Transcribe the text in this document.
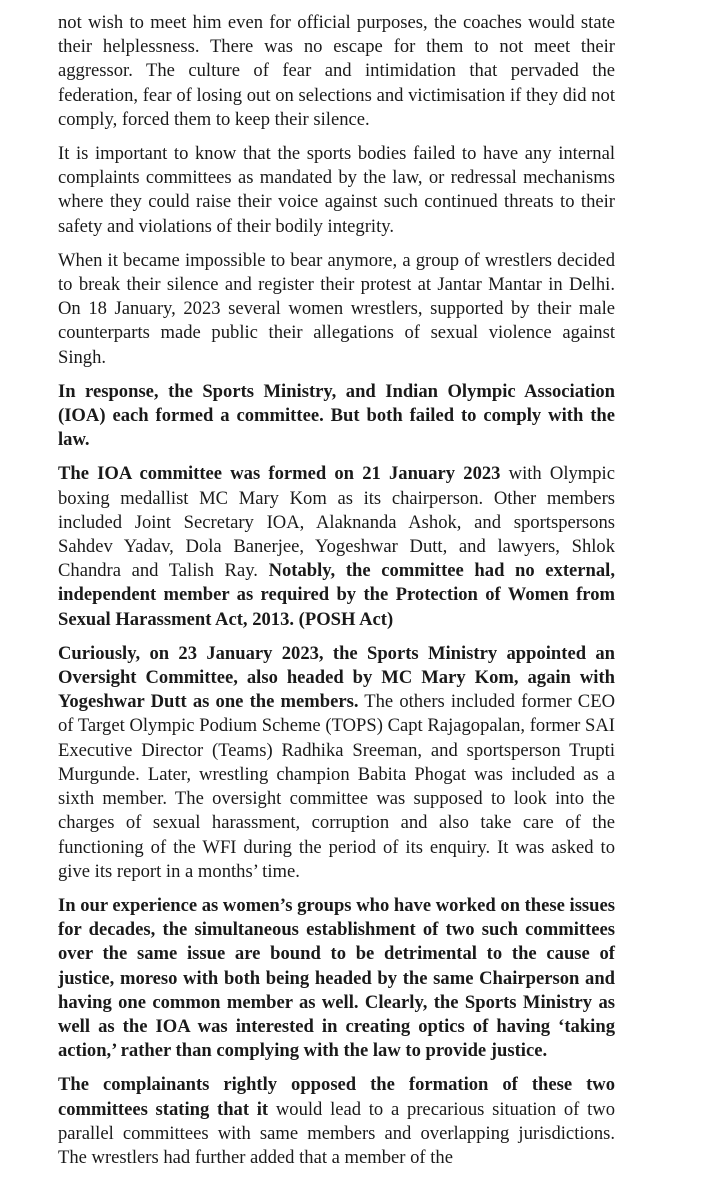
not wish to meet him even for official purposes, the coaches would state their helplessness. There was no escape for them to not meet their aggressor. The culture of fear and intimidation that pervaded the federation, fear of losing out on selections and victimisation if they did not comply, forced them to keep their silence.

It is important to know that the sports bodies failed to have any internal complaints committees as mandated by the law, or redressal mechanisms where they could raise their voice against such continued threats to their safety and violations of their bodily integrity.

When it became impossible to bear anymore, a group of wrestlers decided to break their silence and register their protest at Jantar Mantar in Delhi. On 18 January, 2023 several women wrestlers, supported by their male counterparts made public their allegations of sexual violence against Singh.

In response, the Sports Ministry, and Indian Olympic Association (IOA) each formed a committee. But both failed to comply with the law.

The IOA committee was formed on 21 January 2023 with Olympic boxing medallist MC Mary Kom as its chairperson. Other members included Joint Secretary IOA, Alaknanda Ashok, and sportspersons Sahdev Yadav, Dola Banerjee, Yogeshwar Dutt, and lawyers, Shlok Chandra and Talish Ray. Notably, the committee had no external, independent member as required by the Protection of Women from Sexual Harassment Act, 2013. (POSH Act)

Curiously, on 23 January 2023, the Sports Ministry appointed an Oversight Committee, also headed by MC Mary Kom, again with Yogeshwar Dutt as one the members. The others included former CEO of Target Olympic Podium Scheme (TOPS) Capt Rajagopalan, former SAI Executive Director (Teams) Radhika Sreeman, and sportsperson Trupti Murgunde. Later, wrestling champion Babita Phogat was included as a sixth member. The oversight committee was supposed to look into the charges of sexual harassment, corruption and also take care of the functioning of the WFI during the period of its enquiry. It was asked to give its report in a months’ time.

In our experience as women’s groups who have worked on these issues for decades, the simultaneous establishment of two such committees over the same issue are bound to be detrimental to the cause of justice, moreso with both being headed by the same Chairperson and having one common member as well. Clearly, the Sports Ministry as well as the IOA was interested in creating optics of having ‘taking action,’ rather than complying with the law to provide justice.

The complainants rightly opposed the formation of these two committees stating that it would lead to a precarious situation of two parallel committees with same members and overlapping jurisdictions. The wrestlers had further added that a member of the
